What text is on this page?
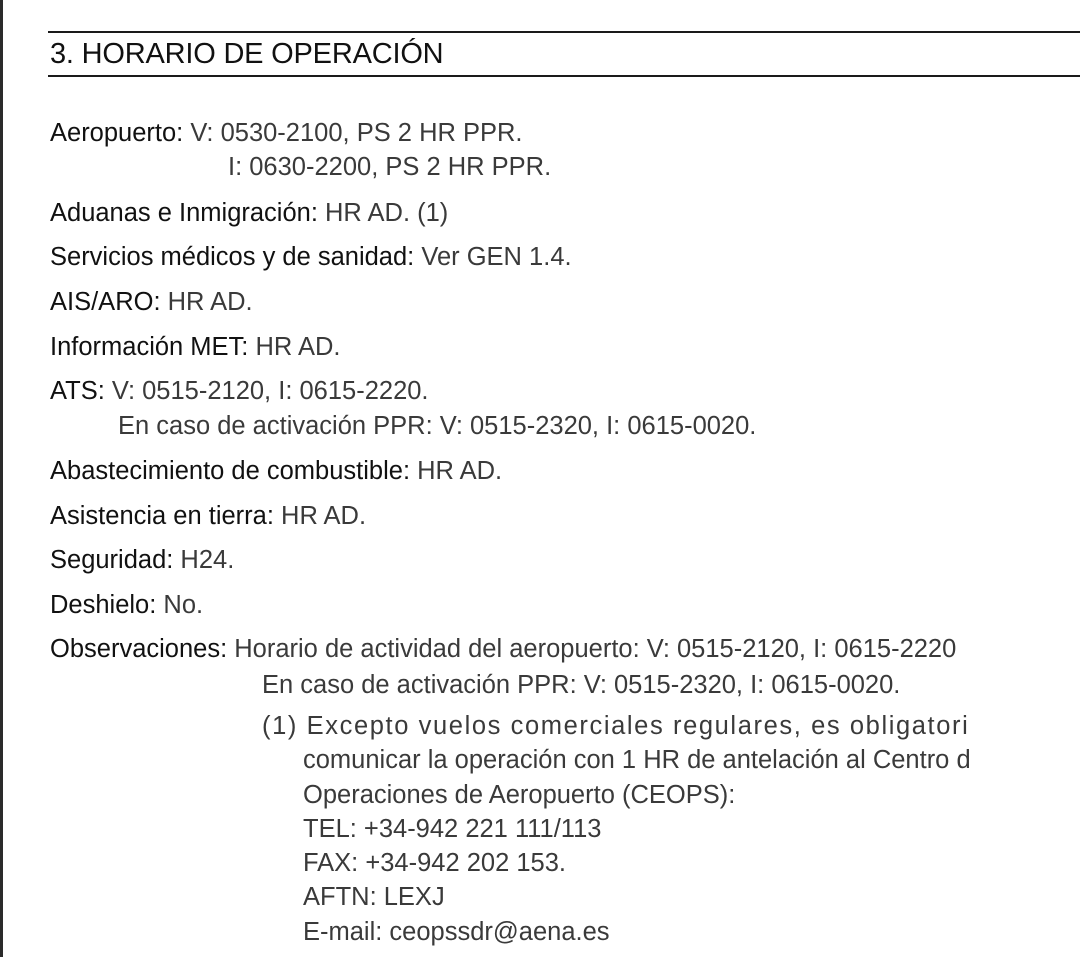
3. HORARIO DE OPERACIÓN
Aeropuerto: V: 0530-2100, PS 2 HR PPR.
I: 0630-2200, PS 2 HR PPR.
Aduanas e Inmigración: HR AD. (1)
Servicios médicos y de sanidad: Ver GEN 1.4.
AIS/ARO: HR AD.
Información MET: HR AD.
ATS: V: 0515-2120, I: 0615-2220.
En caso de activación PPR: V: 0515-2320, I: 0615-0020.
Abastecimiento de combustible: HR AD.
Asistencia en tierra: HR AD.
Seguridad: H24.
Deshielo: No.
Observaciones: Horario de actividad del aeropuerto: V: 0515-2120, I: 0615-2220
En caso de activación PPR: V: 0515-2320, I: 0615-0020.
(1) Excepto vuelos comerciales regulares, es obligatori
comunicar la operación con 1 HR de antelación al Centro d
Operaciones de Aeropuerto (CEOPS):
TEL: +34-942 221 111/113
FAX: +34-942 202 153.
AFTN: LEXJ
E-mail: ceopssdr@aena.es
